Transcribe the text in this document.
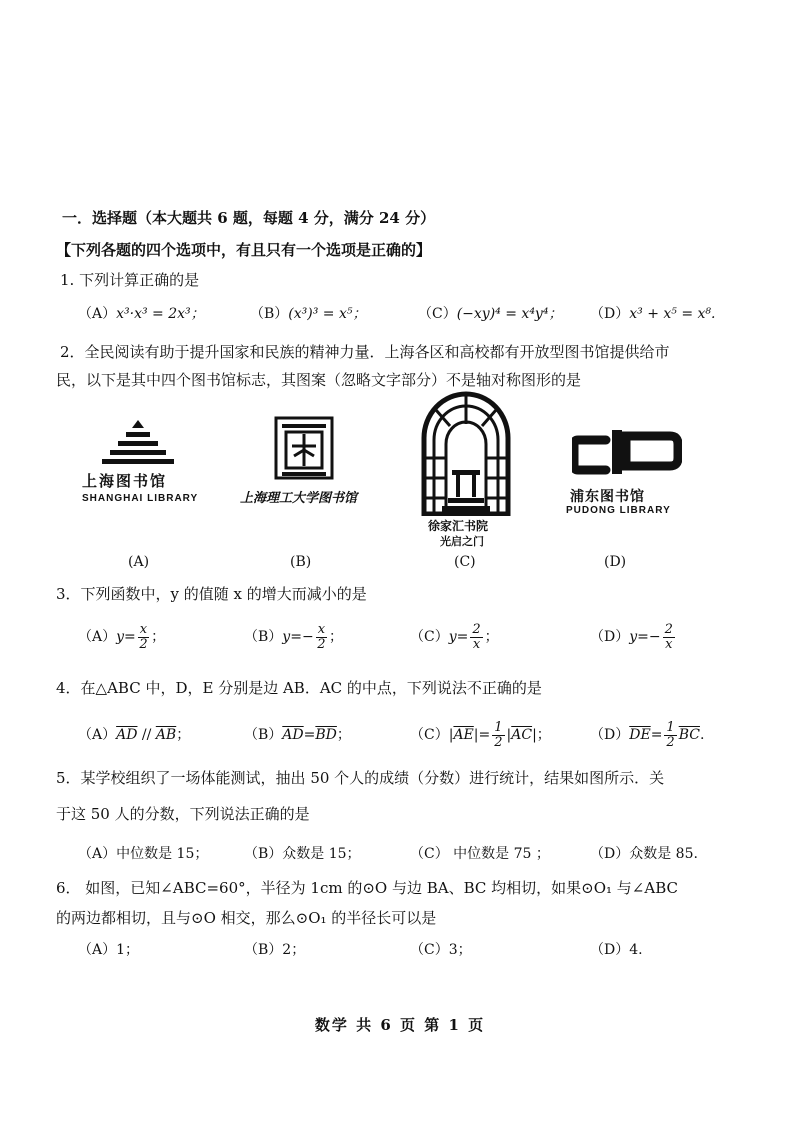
一．选择题（本大题共 6 题，每题 4 分，满分 24 分）
【下列各题的四个选项中，有且只有一个选项是正确的】
1. 下列计算正确的是
（A）x³·x³ = 2x³；	（B）(x³)³ = x⁵；	（C）(−xy)⁴ = x⁴y⁴； （D）x³ + x⁵ = x⁸.
2．全民阅读有助于提升国家和民族的精神力量．上海各区和高校都有开放型图书馆提供给市
民，以下是其中四个图书馆标志，其图案（忽略文字部分）不是轴对称图形的是
上海图书馆
SHANGHAI LIBRARY	上海理工大学图书馆
徐家汇书院
光启之门
浦东图书馆
PUDONG LIBRARY
(A)	(B)	(C)	(D)
3．下列函数中，y 的值随 x 的增大而减小的是
$(A)y= \frac{x}{2}$ ；	$(B)y=- \frac{x}{2}$ ；	$(C)y= \frac{2}{x}$ ；	$(D)y=- \frac{2}{x}$
4．在△ABC 中，D，E 分别是边 AB．AC 的中点，下列说法不正确的是
$(A)\overline{AD} // \overline{AB}$；	$(B)\overline{AD}=\overline{BD}$；	$(C)|\overline{AE}|= \frac{1}{2} |\overline{AC}|$；	$(D)\overline{DE}= \frac{1}{2} \overline{BC}$.
5．某学校组织了一场体能测试，抽出 50 个人的成绩（分数）进行统计，结果如图所示．关
于这 50 人的分数，下列说法正确的是
（A）中位数是 15；	（B）众数是 15；	（C） 中位数是 75 ；	（D）众数是 85.
6． 如图，已知∠ABC=60°，半径为 1cm 的⊙O 与边 BA、BC 均相切，如果⊙O₁ 与∠ABC
的两边都相切，且与⊙O 相交，那么⊙O₁ 的半径长可以是
（A）1；	（B）2；	（C）3；	（D）4.
数学 共 6 页 第 1 页
